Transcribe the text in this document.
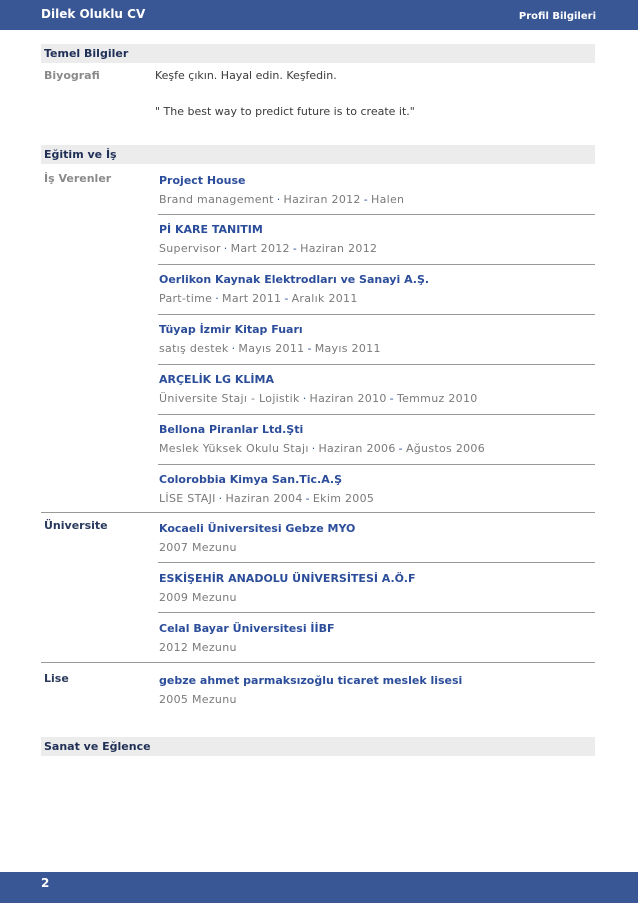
Dilek Oluklu CV	Profil Bilgileri
Temel Bilgiler
Biyografi	Keşfe çıkın. Hayal edin. Keşfedin.
" The best way to predict future is to create it."
Eğitim ve İş
İş Verenler	Project House
Brand management · Haziran 2012 - Halen
Pİ KARE TANITIM
Supervisor · Mart 2012 - Haziran 2012
Oerlikon Kaynak Elektrodları ve Sanayi A.Ş.
Part-time · Mart 2011 - Aralık 2011
Tüyap İzmir Kitap Fuarı
satış destek · Mayıs 2011 - Mayıs 2011
ARÇELİK LG KLİMA
Üniversite Stajı - Lojistik · Haziran 2010 - Temmuz 2010
Bellona Piranlar Ltd.Şti
Meslek Yüksek Okulu Stajı · Haziran 2006 - Ağustos 2006
Colorobbia Kimya San.Tic.A.Ş
LİSE STAJI · Haziran 2004 - Ekim 2005
Üniversite	Kocaeli Üniversitesi Gebze MYO
2007 Mezunu
ESKİŞEHİR ANADOLU ÜNİVERSİTESİ A.Ö.F
2009 Mezunu
Celal Bayar Üniversitesi İİBF
2012 Mezunu
Lise	gebze ahmet parmaksızoğlu ticaret meslek lisesi
2005 Mezunu
Sanat ve Eğlence
2
